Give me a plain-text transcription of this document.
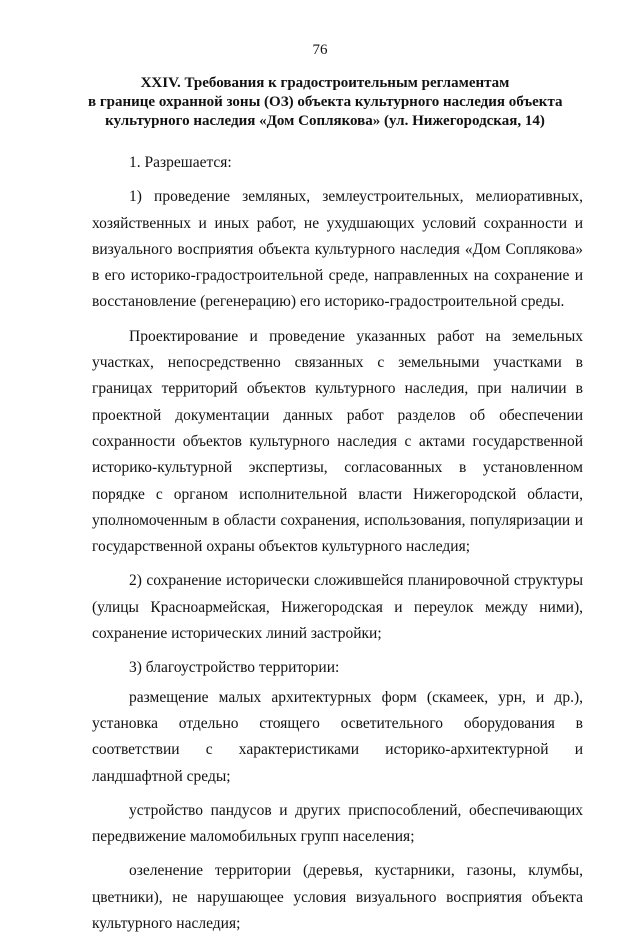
76
XXIV. Требования к градостроительным регламентам
в границе охранной зоны (ОЗ) объекта культурного наследия объекта
культурного наследия «Дом Соплякова» (ул. Нижегородская, 14)

1. Разрешается:

1) проведение земляных, землеустроительных, мелиоративных, хозяйственных и иных работ, не ухудшающих условий сохранности и визуального восприятия объекта культурного наследия «Дом Соплякова» в его историко-градостроительной среде, направленных на сохранение и восстановление (регенерацию) его историко-градостроительной среды.

Проектирование и проведение указанных работ на земельных участках, непосредственно связанных с земельными участками в границах территорий объектов культурного наследия, при наличии в проектной документации данных работ разделов об обеспечении сохранности объектов культурного наследия с актами государственной историко-культурной экспертизы, согласованных в установленном порядке с органом исполнительной власти Нижегородской области, уполномоченным в области сохранения, использования, популяризации и государственной охраны объектов культурного наследия;

2) сохранение исторически сложившейся планировочной структуры (улицы Красноармейская, Нижегородская и переулок между ними), сохранение исторических линий застройки;

3) благоустройство территории:

размещение малых архитектурных форм (скамеек, урн, и др.), установка отдельно стоящего осветительного оборудования в соответствии с характеристиками историко-архитектурной и ландшафтной среды;

устройство пандусов и других приспособлений, обеспечивающих передвижение маломобильных групп населения;

озеленение территории (деревья, кустарники, газоны, клумбы, цветники), не нарушающее условия визуального восприятия объекта культурного наследия;
